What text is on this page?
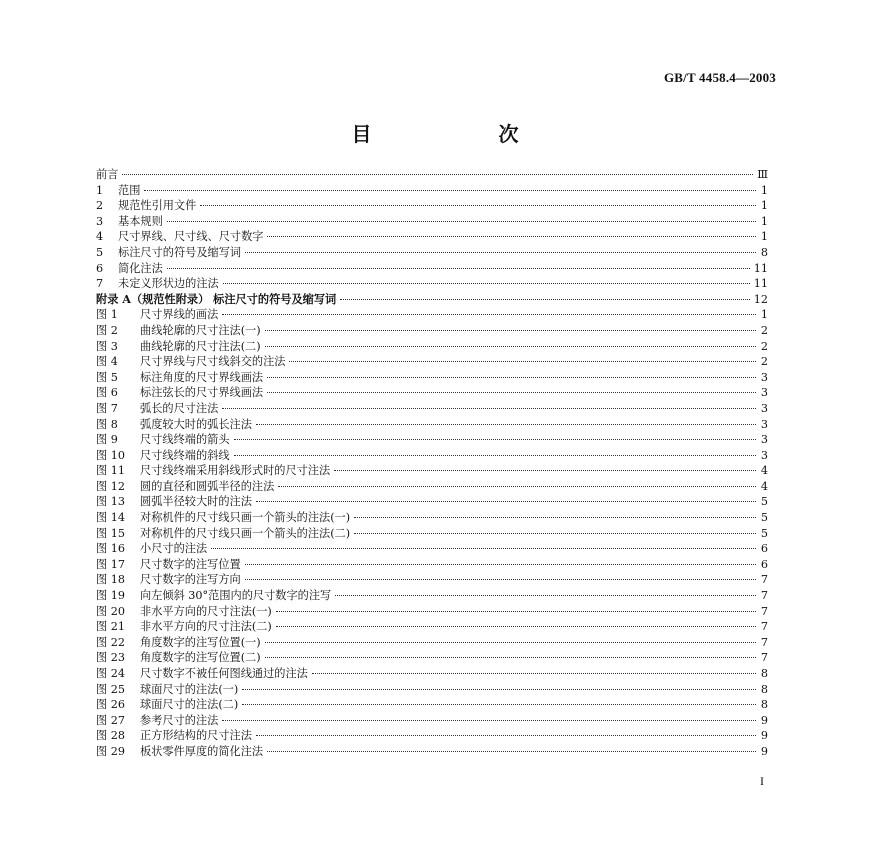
GB/T 4458.4—2003
目 次
前言	Ⅲ
1	范围	1
2	规范性引用文件	1
3	基本规则	1
4	尺寸界线、尺寸线、尺寸数字	1
5	标注尺寸的符号及缩写词	8
6	简化注法	11
7	未定义形状边的注法	11
附录 A（规范性附录） 标注尺寸的符号及缩写词	12
图 1	尺寸界线的画法	1
图 2	曲线轮廓的尺寸注法(一)	2
图 3	曲线轮廓的尺寸注法(二)	2
图 4	尺寸界线与尺寸线斜交的注法	2
图 5	标注角度的尺寸界线画法	3
图 6	标注弦长的尺寸界线画法	3
图 7	弧长的尺寸注法	3
图 8	弧度较大时的弧长注法	3
图 9	尺寸线终端的箭头	3
图 10	尺寸线终端的斜线	3
图 11	尺寸线终端采用斜线形式时的尺寸注法	4
图 12	圆的直径和圆弧半径的注法	4
图 13	圆弧半径较大时的注法	5
图 14	对称机件的尺寸线只画一个箭头的注法(一)	5
图 15	对称机件的尺寸线只画一个箭头的注法(二)	5
图 16	小尺寸的注法	6
图 17	尺寸数字的注写位置	6
图 18	尺寸数字的注写方向	7
图 19	向左倾斜 30°范围内的尺寸数字的注写	7
图 20	非水平方向的尺寸注法(一)	7
图 21	非水平方向的尺寸注法(二)	7
图 22	角度数字的注写位置(一)	7
图 23	角度数字的注写位置(二)	7
图 24	尺寸数字不被任何图线通过的注法	8
图 25	球面尺寸的注法(一)	8
图 26	球面尺寸的注法(二)	8
图 27	参考尺寸的注法	9
图 28	正方形结构的尺寸注法	9
图 29	板状零件厚度的简化注法	9
I
